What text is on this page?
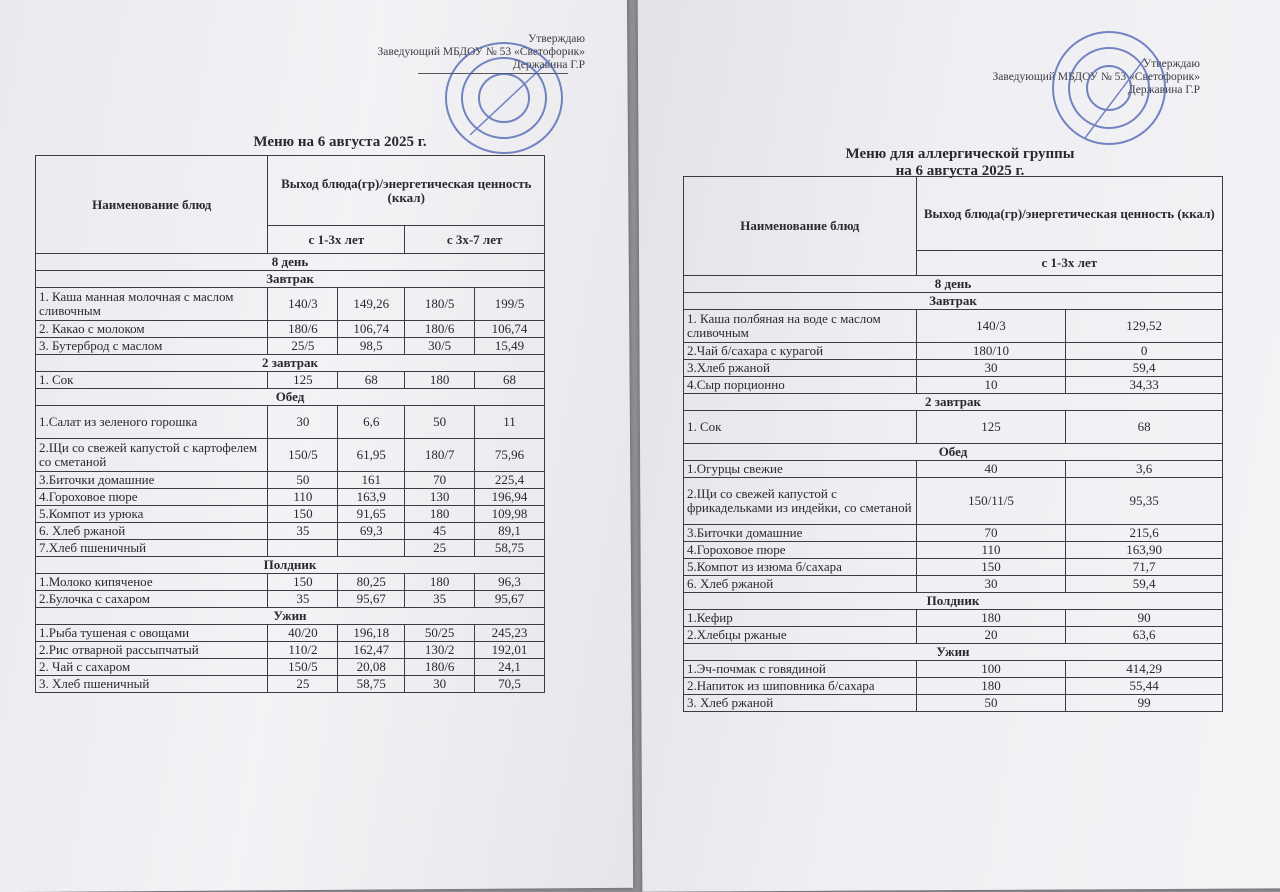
Утверждаю
Заведующий МБДОУ № 53 «Светофорик»
Державина Г.Р
Меню на 6 августа 2025 г.
Наименование блюд	Выход блюда(гр)/энергетическая ценность (ккал)			
	с 1-3х лет		с 3х-7 лет	
8 день				
Завтрак				
1. Каша манная молочная с маслом сливочным	140/3	149,26	180/5	199/5
2. Какао с молоком	180/6	106,74	180/6	106,74
3. Бутерброд с маслом	25/5	98,5	30/5	15,49
2 завтрак				
1. Сок	125	68	180	68
Обед				
1.Салат из зеленого горошка	30	6,6	50	11
2.Щи со свежей капустой с картофелем со сметаной	150/5	61,95	180/7	75,96
3.Биточки домашние	50	161	70	225,4
4.Гороховое пюре	110	163,9	130	196,94
5.Компот из урюка	150	91,65	180	109,98
6. Хлеб ржаной	35	69,3	45	89,1
7.Хлеб пшеничный			25	58,75
Полдник				
1.Молоко кипяченое	150	80,25	180	96,3
2.Булочка с сахаром	35	95,67	35	95,67
Ужин				
1.Рыба тушеная с овощами	40/20	196,18	50/25	245,23
2.Рис отварной рассыпчатый	110/2	162,47	130/2	192,01
2. Чай с сахаром	150/5	20,08	180/6	24,1
3. Хлеб пшеничный	25	58,75	30	70,5
Утверждаю
Заведующий МБДОУ № 53 «Светофорик»
Державина Г.Р
Меню для аллергической группы
на 6 августа 2025 г.
Наименование блюд	Выход блюда(гр)/энергетическая ценность (ккал)	
	с 1-3х лет	
8 день		
Завтрак		
1. Каша полбяная на воде с маслом сливочным	140/3	129,52
2.Чай б/сахара с курагой	180/10	0
3.Хлеб ржаной	30	59,4
4.Сыр порционно	10	34,33
2 завтрак		
1. Сок	125	68
Обед		
1.Огурцы свежие	40	3,6
2.Щи со свежей капустой с фрикадельками из индейки, со сметаной	150/11/5	95,35
3.Биточки домашние	70	215,6
4.Гороховое пюре	110	163,90
5.Компот из изюма б/сахара	150	71,7
6. Хлеб ржаной	30	59,4
Полдник		
1.Кефир	180	90
2.Хлебцы ржаные	20	63,6
Ужин		
1.Эч-почмак с говядиной	100	414,29
2.Напиток из шиповника б/сахара	180	55,44
3. Хлеб ржаной	50	99
